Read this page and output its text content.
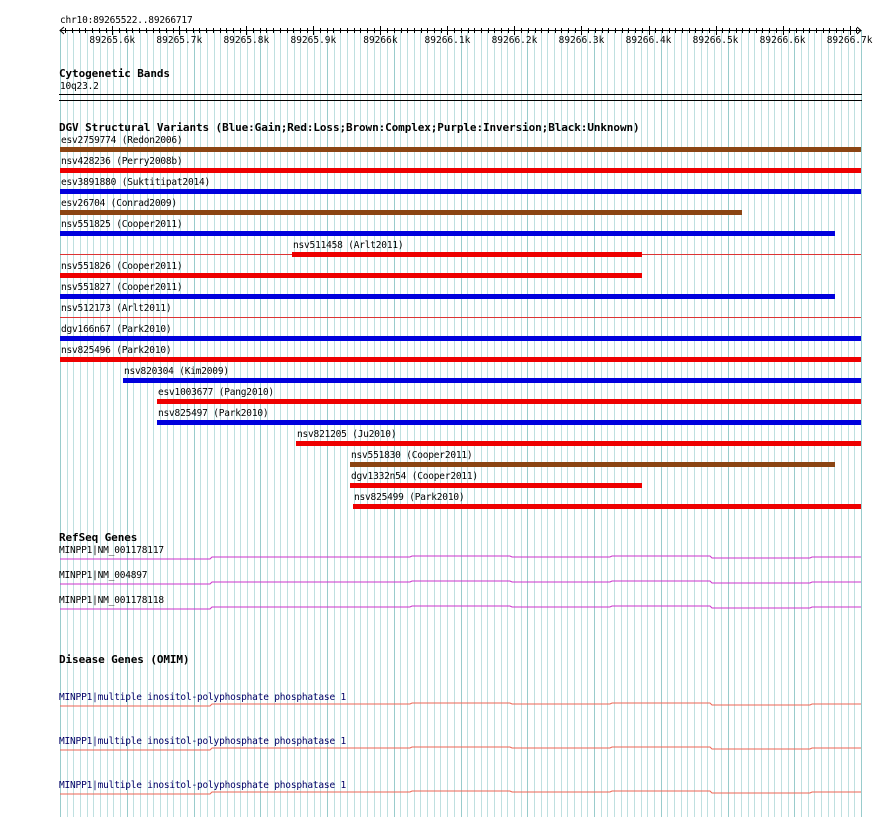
chr10:89265522..89266717
89265.6k 89265.7k 89265.8k 89265.9k	89266k	89266.1k 89266.2k 89266.3k 89266.4k 89266.5k 89266.6k 89266.7k
Cytogenetic Bands
10q23.2
DGV Structural Variants (Blue:Gain;Red:Loss;Brown:Complex;Purple:Inversion;Black:Unknown)
esv2759774 (Redon2006)
nsv428236 (Perry2008b)
esv3891880 (Suktitipat2014)
esv26704 (Conrad2009)
nsv551825 (Cooper2011)
nsv511458 (Arlt2011)
nsv551826 (Cooper2011)
nsv551827 (Cooper2011)
nsv512173 (Arlt2011)
dgv166n67 (Park2010)
nsv825496 (Park2010)
nsv820304 (Kim2009)
esv1003677 (Pang2010)
nsv825497 (Park2010)
nsv821205 (Ju2010)
nsv551830 (Cooper2011)
dgv1332n54 (Cooper2011)
nsv825499 (Park2010)
RefSeq Genes
MINPP1|NM_001178117
MINPP1|NM_004897
MINPP1|NM_001178118
Disease Genes (OMIM)
MINPP1|multiple inositol-polyphosphate phosphatase 1
MINPP1|multiple inositol-polyphosphate phosphatase 1
MINPP1|multiple inositol-polyphosphate phosphatase 1
